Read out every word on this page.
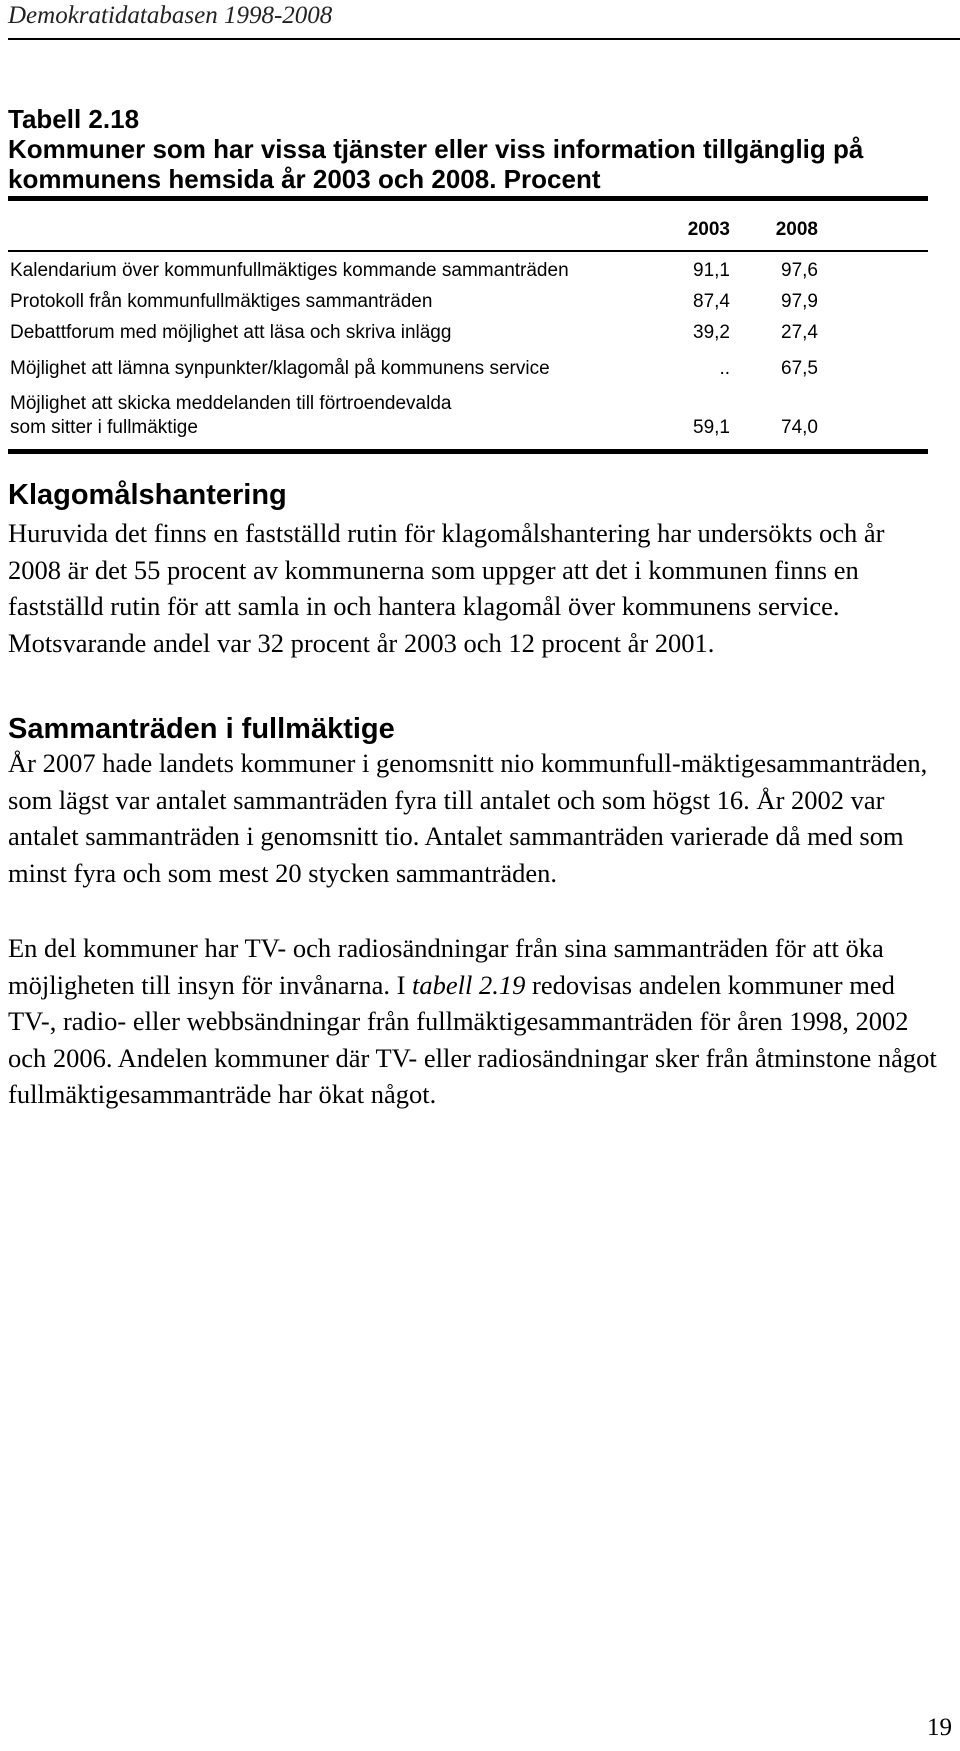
Demokratidatabasen 1998-2008
Tabell 2.18
Kommuner som har vissa tjänster eller viss information tillgänglig på
kommunens hemsida år 2003 och 2008. Procent
2003	2008
Kalendarium över kommunfullmäktiges kommande sammanträden	91,1	97,6
Protokoll från kommunfullmäktiges sammanträden	87,4	97,9
Debattforum med möjlighet att läsa och skriva inlägg	39,2	27,4
Möjlighet att lämna synpunkter/klagomål på kommunens service	..	67,5
Möjlighet att skicka meddelanden till förtroendevalda
som sitter i fullmäktige	59,1	74,0
Klagomålshantering

Huruvida det finns en fastställd rutin för klagomålshantering har undersökts och år 2008 är det 55 procent av kommunerna som uppger att det i kommunen finns en fastställd rutin för att samla in och hantera klagomål över kommunens service. Motsvarande andel var 32 procent år 2003 och 12 procent år 2001.

Sammanträden i fullmäktige

År 2007 hade landets kommuner i genomsnitt nio kommunfull-mäktigesammanträden, som lägst var antalet sammanträden fyra till antalet och som högst 16. År 2002 var antalet sammanträden i genomsnitt tio. Antalet sammanträden varierade då med som minst fyra och som mest 20 stycken sammanträden.

En del kommuner har TV- och radiosändningar från sina sammanträden för att öka möjligheten till insyn för invånarna. I tabell 2.19 redovisas andelen kommuner med TV-, radio- eller webbsändningar från fullmäktigesammanträden för åren 1998, 2002 och 2006. Andelen kommuner där TV- eller radiosändningar sker från åtminstone något fullmäktigesammanträde har ökat något.

19
